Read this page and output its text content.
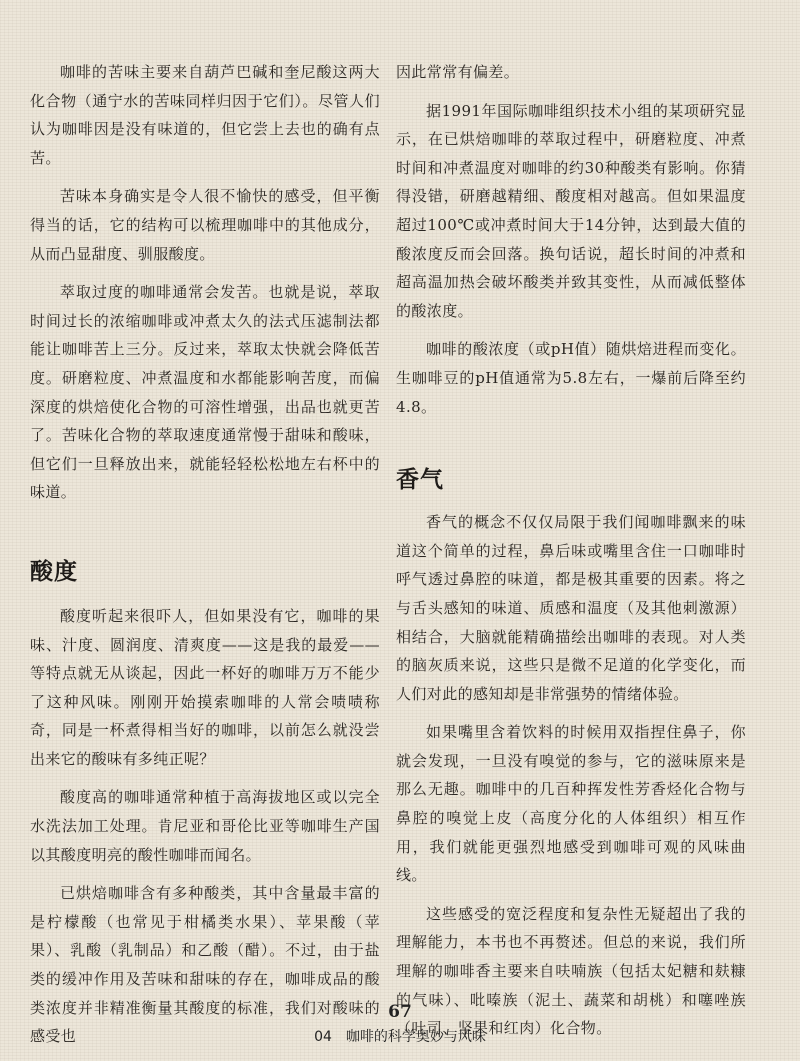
咖啡的苦味主要来自葫芦巴碱和奎尼酸这两大化合物（通宁水的苦味同样归因于它们）。尽管人们认为咖啡因是没有味道的，但它尝上去也的确有点苦。

苦味本身确实是令人很不愉快的感受，但平衡得当的话，它的结构可以梳理咖啡中的其他成分，从而凸显甜度、驯服酸度。

萃取过度的咖啡通常会发苦。也就是说，萃取时间过长的浓缩咖啡或冲煮太久的法式压滤制法都能让咖啡苦上三分。反过来，萃取太快就会降低苦度。研磨粒度、冲煮温度和水都能影响苦度，而偏深度的烘焙使化合物的可溶性增强，出品也就更苦了。苦味化合物的萃取速度通常慢于甜味和酸味，但它们一旦释放出来，就能轻轻松松地左右杯中的味道。

酸度

酸度听起来很吓人，但如果没有它，咖啡的果味、汁度、圆润度、清爽度——这是我的最爱——等特点就无从谈起，因此一杯好的咖啡万万不能少了这种风味。刚刚开始摸索咖啡的人常会啧啧称奇，同是一杯煮得相当好的咖啡，以前怎么就没尝出来它的酸味有多纯正呢？

酸度高的咖啡通常种植于高海拔地区或以完全水洗法加工处理。肯尼亚和哥伦比亚等咖啡生产国以其酸度明亮的酸性咖啡而闻名。

已烘焙咖啡含有多种酸类，其中含量最丰富的是柠檬酸（也常见于柑橘类水果）、苹果酸（苹果）、乳酸（乳制品）和乙酸（醋）。不过，由于盐类的缓冲作用及苦味和甜味的存在，咖啡成品的酸类浓度并非精准衡量其酸度的标准，我们对酸味的感受也

因此常常有偏差。

据1991年国际咖啡组织技术小组的某项研究显示，在已烘焙咖啡的萃取过程中，研磨粒度、冲煮时间和冲煮温度对咖啡的约30种酸类有影响。你猜得没错，研磨越精细、酸度相对越高。但如果温度超过100℃或冲煮时间大于14分钟，达到最大值的酸浓度反而会回落。换句话说，超长时间的冲煮和超高温加热会破坏酸类并致其变性，从而减低整体的酸浓度。

咖啡的酸浓度（或pH值）随烘焙进程而变化。生咖啡豆的pH值通常为5.8左右，一爆前后降至约4.8。

香气

香气的概念不仅仅局限于我们闻咖啡飘来的味道这个简单的过程，鼻后味或嘴里含住一口咖啡时呼气透过鼻腔的味道，都是极其重要的因素。将之与舌头感知的味道、质感和温度（及其他刺激源）相结合，大脑就能精确描绘出咖啡的表现。对人类的脑灰质来说，这些只是微不足道的化学变化，而人们对此的感知却是非常强势的情绪体验。

如果嘴里含着饮料的时候用双指捏住鼻子，你就会发现，一旦没有嗅觉的参与，它的滋味原来是那么无趣。咖啡中的几百种挥发性芳香烃化合物与鼻腔的嗅觉上皮（高度分化的人体组织）相互作用，我们就能更强烈地感受到咖啡可观的风味曲线。

这些感受的宽泛程度和复杂性无疑超出了我的理解能力，本书也不再赘述。但总的来说，我们所理解的咖啡香主要来自呋喃族（包括太妃糖和麸糠的气味）、吡嗪族（泥土、蔬菜和胡桃）和噻唑族（吐司、坚果和红肉）化合物。

67
04　咖啡的科学奥妙与风味
